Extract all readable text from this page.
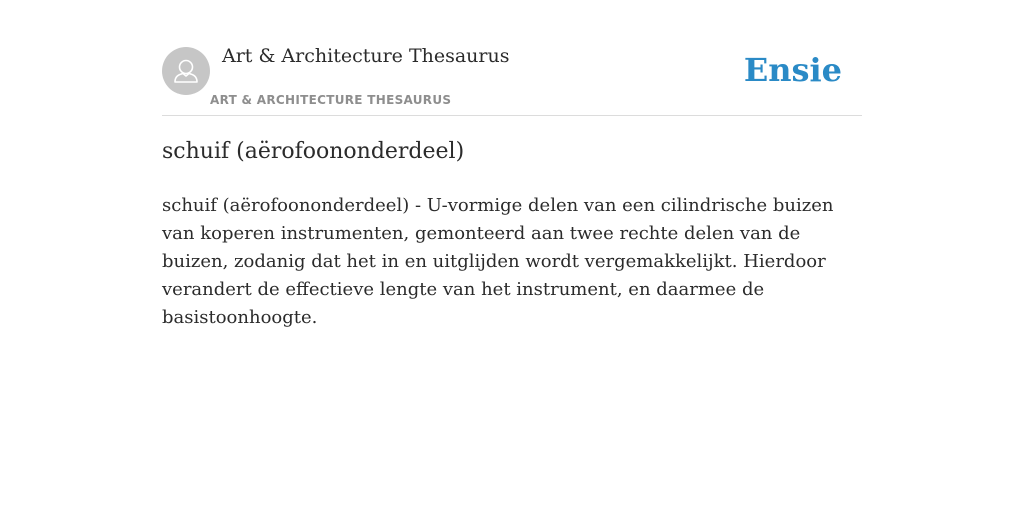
Art & Architecture Thesaurus
ART & ARCHITECTURE THESAURUS
Ensie
schuif (aërofoononderdeel)

schuif (aërofoononderdeel) - U-vormige delen van een cilindrische buizen van koperen instrumenten, gemonteerd aan twee rechte delen van de buizen, zodanig dat het in en uitglijden wordt vergemakkelijkt. Hierdoor verandert de effectieve lengte van het instrument, en daarmee de basistoonhoogte.
